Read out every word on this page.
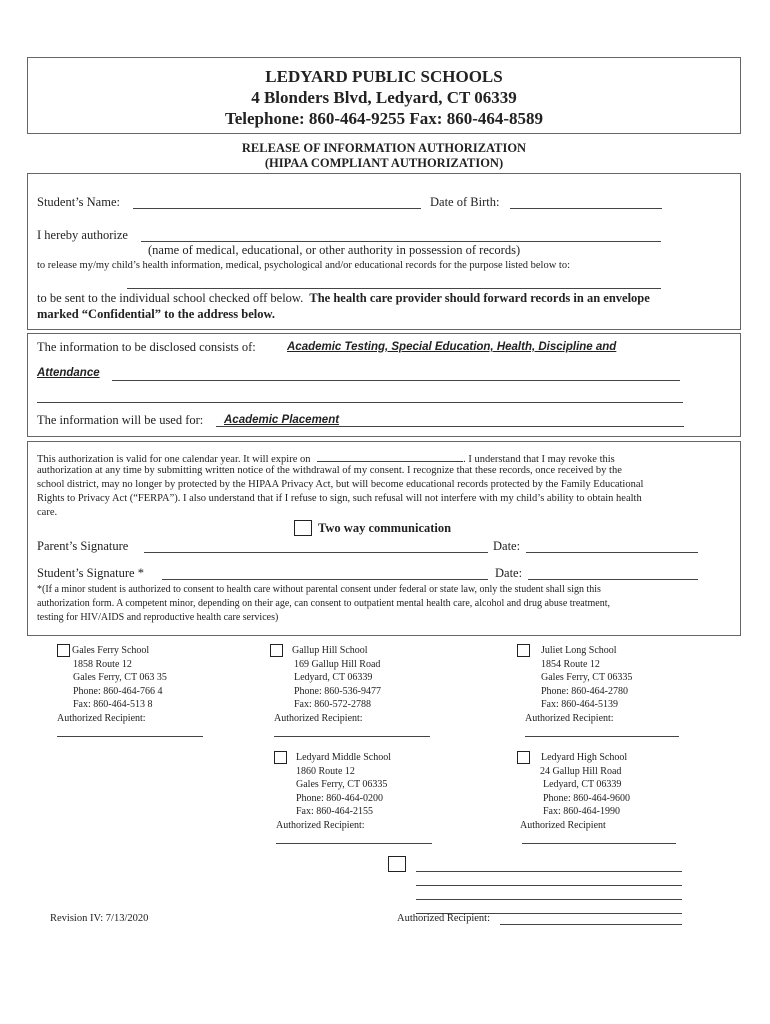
LEDYARD PUBLIC SCHOOLS
4 Blonders Blvd, Ledyard, CT 06339
Telephone: 860-464-9255 Fax: 860-464-8589
RELEASE OF INFORMATION AUTHORIZATION
(HIPAA COMPLIANT AUTHORIZATION)
Student’s Name:	Date of Birth:
I hereby authorize
(name of medical, educational, or other authority in possession of records)
to release my/my child’s health information, medical, psychological and/or educational records for the purpose listed below to:
to be sent to the individual school checked off below. The health care provider should forward records in an envelope
marked “Confidential” to the address below.
The information to be disclosed consists of:	Academic Testing, Special Education, Health, Discipline and
Attendance
The information will be used for: Academic Placement
This authorization is valid for one calendar year. It will expire on	. I understand that I may revoke this
authorization at any time by submitting written notice of the withdrawal of my consent. I recognize that these records, once received by the
school district, may no longer by protected by the HIPAA Privacy Act, but will become educational records protected by the Family Educational
Rights to Privacy Act (“FERPA”). I also understand that if I refuse to sign, such refusal will not interfere with my child’s ability to obtain health
care.
Two way communication
Parent’s Signature	Date:
Student’s Signature *	Date:
*(If a minor student is authorized to consent to health care without parental consent under federal or state law, only the student shall sign this
authorization form. A competent minor, depending on their age, can consent to outpatient mental health care, alcohol and drug abuse treatment,
testing for HIV/AIDS and reproductive health care services)
Gales Ferry School
1858 Route 12
Gales Ferry, CT 063 35
Phone: 860-464-766 4
Fax: 860-464-513 8
Authorized Recipient:
Gallup Hill School
169 Gallup Hill Road
Ledyard, CT 06339
Phone: 860-536-9477
Fax: 860-572-2788
Authorized Recipient:
Juliet Long School
1854 Route 12
Gales Ferry, CT 06335
Phone: 860-464-2780
Fax: 860-464-5139
Authorized Recipient:
Ledyard Middle School
1860 Route 12
Gales Ferry, CT 06335
Phone: 860-464-0200
Fax: 860-464-2155
Authorized Recipient:
Ledyard High School
24 Gallup Hill Road
Ledyard, CT 06339
Phone: 860-464-9600
Fax: 860-464-1990
Authorized Recipient
Authorized Recipient:
Revision IV: 7/13/2020
